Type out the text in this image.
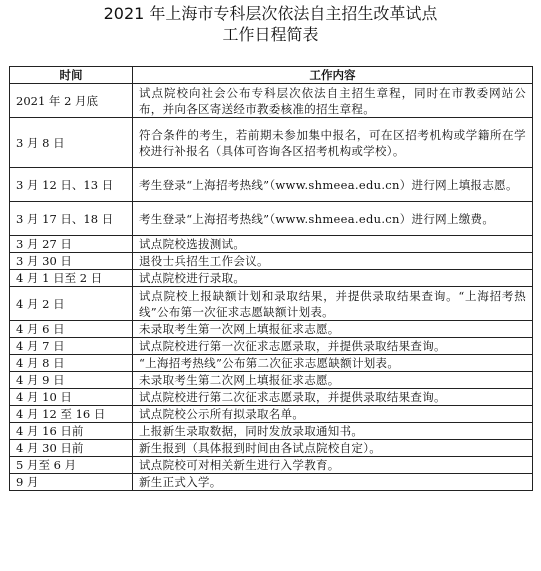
2021 年上海市专科层次依法自主招生改革试点
工作日程简表
时间	工作内容
2021 年 2 月底	试点院校向社会公布专科层次依法自主招生章程，同时在市教委网站公布，并向各区寄送经市教委核准的招生章程。
3 月 8 日	符合条件的考生，若前期未参加集中报名，可在区招考机构或学籍所在学校进行补报名（具体可咨询各区招考机构或学校）。
3 月 12 日、13 日	考生登录“上海招考热线”（www.shmeea.edu.cn）进行网上填报志愿。
3 月 17 日、18 日	考生登录“上海招考热线”（www.shmeea.edu.cn）进行网上缴费。
3 月 27 日	试点院校选拔测试。
3 月 30 日	退役士兵招生工作会议。
4 月 1 日至 2 日	试点院校进行录取。
4 月 2 日	试点院校上报缺额计划和录取结果，并提供录取结果查询。“上海招考热线”公布第一次征求志愿缺额计划表。
4 月 6 日	未录取考生第一次网上填报征求志愿。
4 月 7 日	试点院校进行第一次征求志愿录取，并提供录取结果查询。
4 月 8 日	“上海招考热线”公布第二次征求志愿缺额计划表。
4 月 9 日	未录取考生第二次网上填报征求志愿。
4 月 10 日	试点院校进行第二次征求志愿录取，并提供录取结果查询。
4 月 12 至 16 日	试点院校公示所有拟录取名单。
4 月 16 日前	上报新生录取数据，同时发放录取通知书。
4 月 30 日前	新生报到（具体报到时间由各试点院校自定）。
5 月至 6 月	试点院校可对相关新生进行入学教育。
9 月	新生正式入学。
